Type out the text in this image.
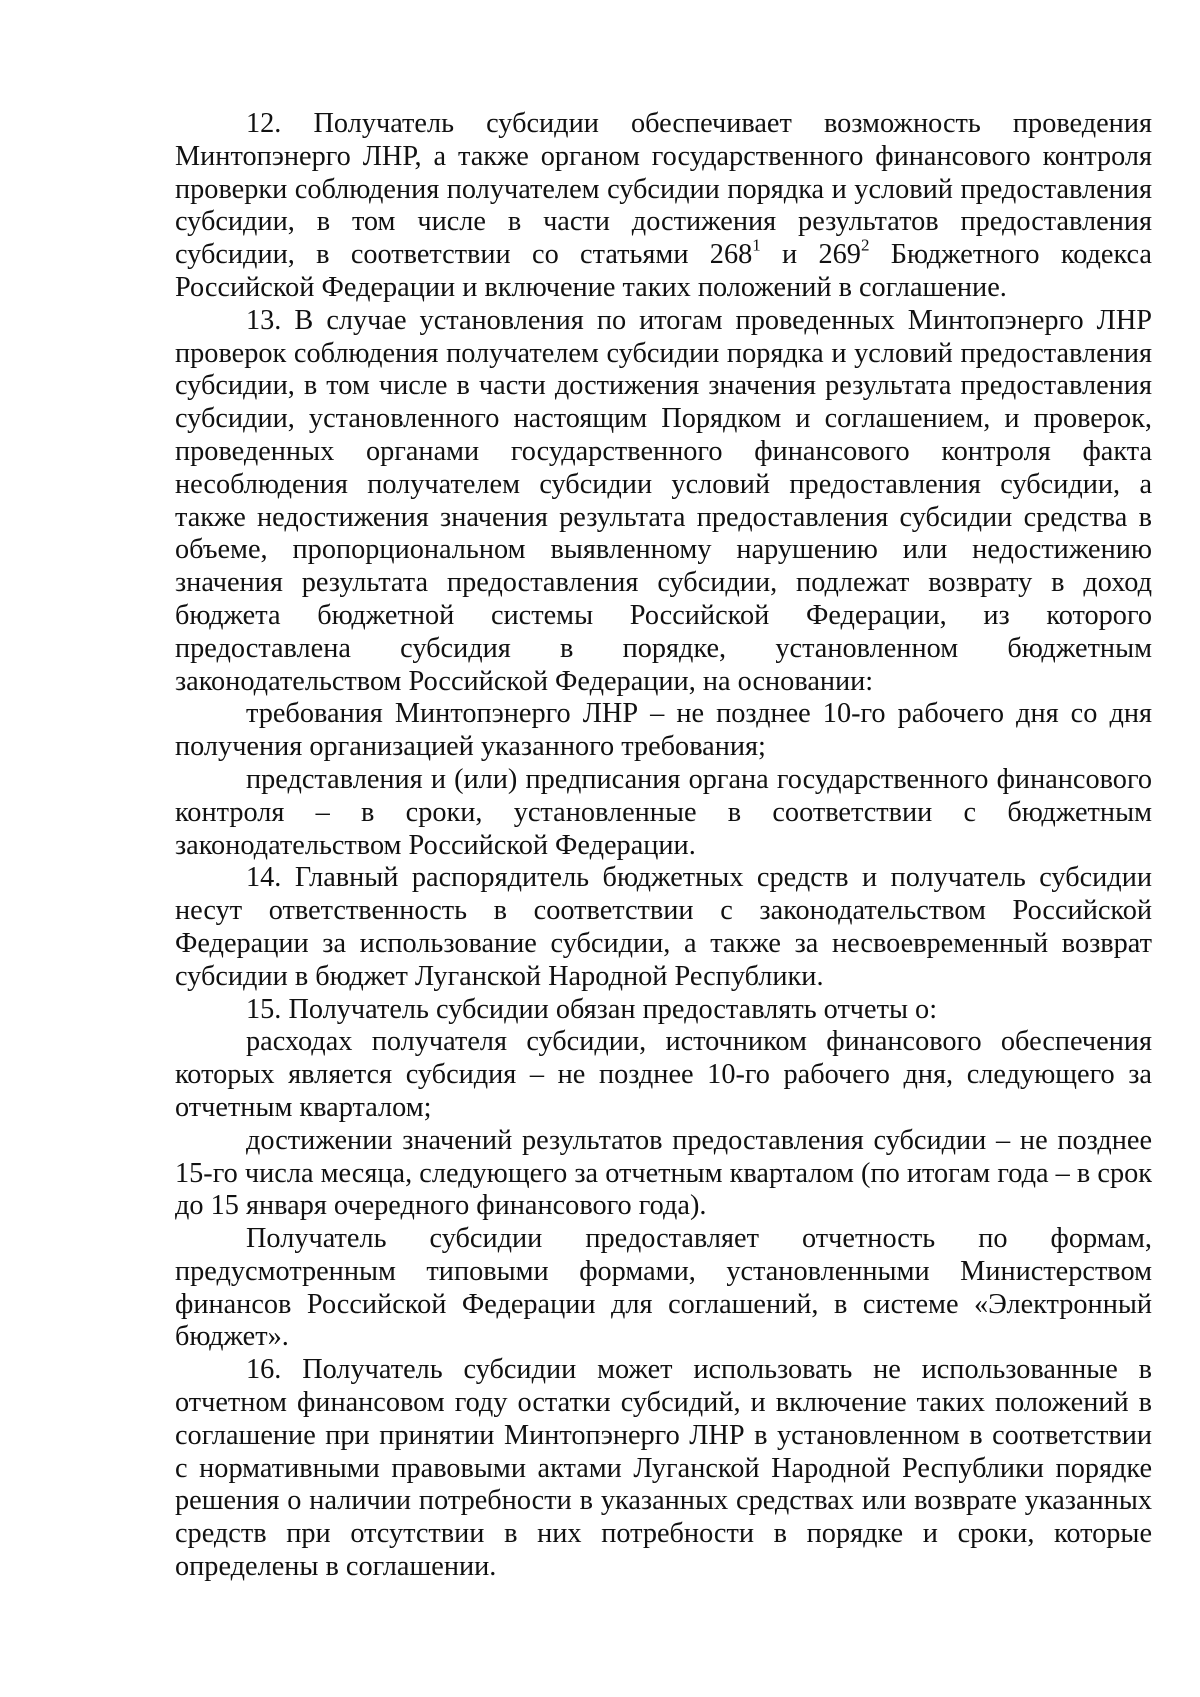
12. Получатель субсидии обеспечивает возможность проведения Минтопэнерго ЛНР, а также органом государственного финансового контроля проверки соблюдения получателем субсидии порядка и условий предоставления субсидии, в том числе в части достижения результатов предоставления субсидии, в соответствии со статьями $268^1$ и $269^2$ Бюджетного кодекса Российской Федерации и включение таких положений в соглашение.

13. В случае установления по итогам проведенных Минтопэнерго ЛНР проверок соблюдения получателем субсидии порядка и условий предоставления субсидии, в том числе в части достижения значения результата предоставления субсидии, установленного настоящим Порядком и соглашением, и проверок, проведенных органами государственного финансового контроля факта несоблюдения получателем субсидии условий предоставления субсидии, а также недостижения значения результата предоставления субсидии средства в объеме, пропорциональном выявленному нарушению или недостижению значения результата предоставления субсидии, подлежат возврату в доход бюджета бюджетной системы Российской Федерации, из которого предоставлена субсидия в порядке, установленном бюджетным законодательством Российской Федерации, на основании:

требования Минтопэнерго ЛНР – не позднее 10-го рабочего дня со дня получения организацией указанного требования;

представления и (или) предписания органа государственного финансового контроля – в сроки, установленные в соответствии с бюджетным законодательством Российской Федерации.

14. Главный распорядитель бюджетных средств и получатель субсидии несут ответственность в соответствии с законодательством Российской Федерации за использование субсидии, а также за несвоевременный возврат субсидии в бюджет Луганской Народной Республики.

15. Получатель субсидии обязан предоставлять отчеты о:

расходах получателя субсидии, источником финансового обеспечения которых является субсидия – не позднее 10-го рабочего дня, следующего за отчетным кварталом;

достижении значений результатов предоставления субсидии – не позднее 15-го числа месяца, следующего за отчетным кварталом (по итогам года – в срок до 15 января очередного финансового года).

Получатель субсидии предоставляет отчетность по формам, предусмотренным типовыми формами, установленными Министерством финансов Российской Федерации для соглашений, в системе «Электронный бюджет».

16. Получатель субсидии может использовать не использованные в отчетном финансовом году остатки субсидий, и включение таких положений в соглашение при принятии Минтопэнерго ЛНР в установленном в соответствии с нормативными правовыми актами Луганской Народной Республики порядке решения о наличии потребности в указанных средствах или возврате указанных средств при отсутствии в них потребности в порядке и сроки, которые определены в соглашении.
